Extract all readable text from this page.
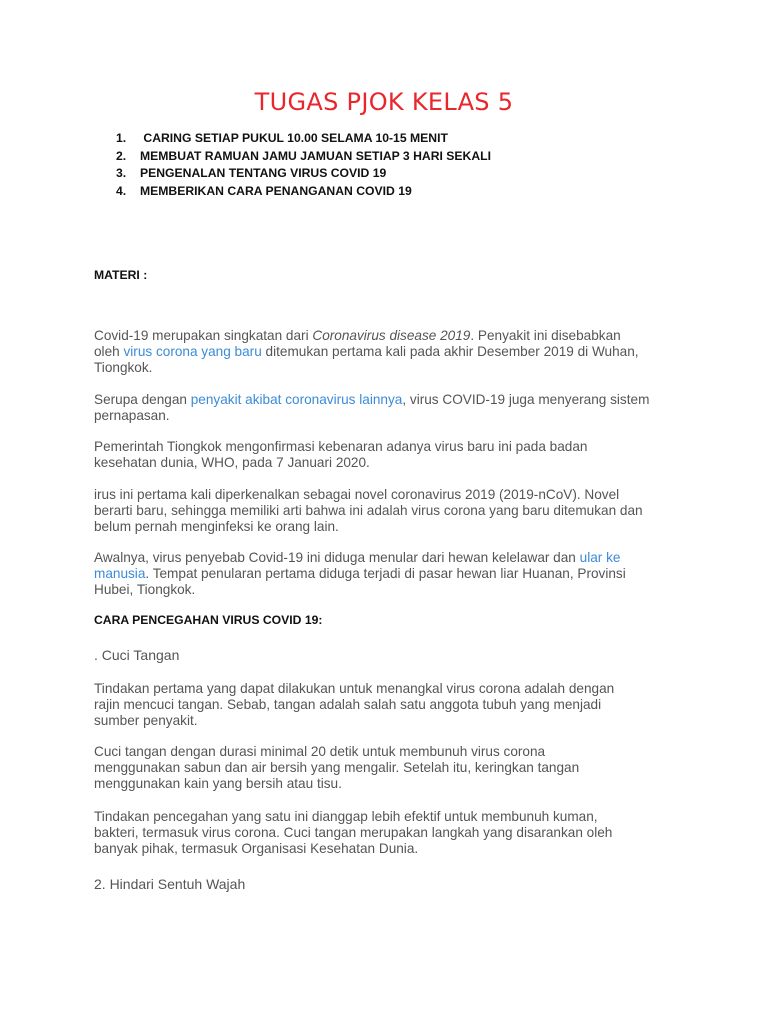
TUGAS PJOK KELAS 5
1. CARING SETIAP PUKUL 10.00 SELAMA 10-15 MENIT
2. MEMBUAT RAMUAN JAMU JAMUAN SETIAP 3 HARI SEKALI
3. PENGENALAN TENTANG VIRUS COVID 19
4. MEMBERIKAN CARA PENANGANAN COVID 19

MATERI :

Covid-19 merupakan singkatan dari Coronavirus disease 2019. Penyakit ini disebabkan
oleh virus corona yang baru ditemukan pertama kali pada akhir Desember 2019 di Wuhan,
Tiongkok.

Serupa dengan penyakit akibat coronavirus lainnya, virus COVID-19 juga menyerang sistem
pernapasan.

Pemerintah Tiongkok mengonfirmasi kebenaran adanya virus baru ini pada badan
kesehatan dunia, WHO, pada 7 Januari 2020.

irus ini pertama kali diperkenalkan sebagai novel coronavirus 2019 (2019-nCoV). Novel
berarti baru, sehingga memiliki arti bahwa ini adalah virus corona yang baru ditemukan dan
belum pernah menginfeksi ke orang lain.

Awalnya, virus penyebab Covid-19 ini diduga menular dari hewan kelelawar dan ular ke
manusia. Tempat penularan pertama diduga terjadi di pasar hewan liar Huanan, Provinsi
Hubei, Tiongkok.

CARA PENCEGAHAN VIRUS COVID 19:

. Cuci Tangan

Tindakan pertama yang dapat dilakukan untuk menangkal virus corona adalah dengan
rajin mencuci tangan. Sebab, tangan adalah salah satu anggota tubuh yang menjadi
sumber penyakit.

Cuci tangan dengan durasi minimal 20 detik untuk membunuh virus corona
menggunakan sabun dan air bersih yang mengalir. Setelah itu, keringkan tangan
menggunakan kain yang bersih atau tisu.

Tindakan pencegahan yang satu ini dianggap lebih efektif untuk membunuh kuman,
bakteri, termasuk virus corona. Cuci tangan merupakan langkah yang disarankan oleh
banyak pihak, termasuk Organisasi Kesehatan Dunia.

2. Hindari Sentuh Wajah
